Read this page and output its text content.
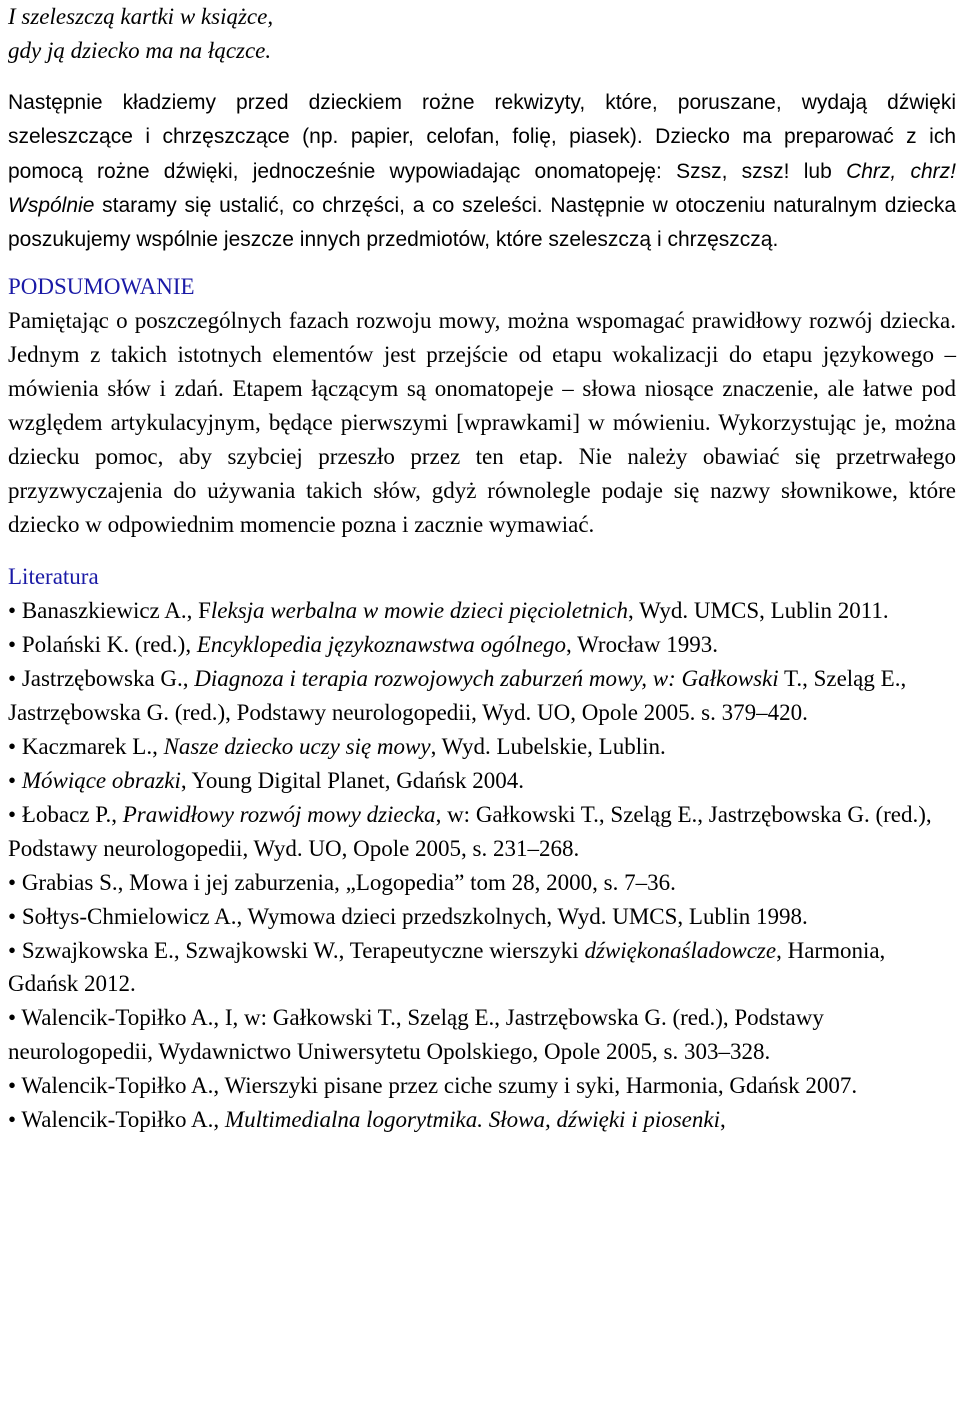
I szeleszczą kartki w książce,
gdy ją dziecko ma na łączce.

Następnie kładziemy przed dzieckiem rożne rekwizyty, które, poruszane, wydają dźwięki szeleszczące i chrzęszczące (np. papier, celofan, folię, piasek). Dziecko ma preparować z ich pomocą rożne dźwięki, jednocześnie wypowiadając onomatopeję: Szsz, szsz! lub Chrz, chrz! Wspólnie staramy się ustalić, co chrzęści, a co szeleści. Następnie w otoczeniu naturalnym dziecka poszukujemy wspólnie jeszcze innych przedmiotów, które szeleszczą i chrzęszczą.

PODSUMOWANIE

Pamiętając o poszczególnych fazach rozwoju mowy, można wspomagać prawidłowy rozwój dziecka. Jednym z takich istotnych elementów jest przejście od etapu wokalizacji do etapu językowego – mówienia słów i zdań. Etapem łączącym są onomatopeje – słowa niosące znaczenie, ale łatwe pod względem artykulacyjnym, będące pierwszymi [wprawkami] w mówieniu. Wykorzystując je, można dziecku pomoc, aby szybciej przeszło przez ten etap. Nie należy obawiać się przetrwałego przyzwyczajenia do używania takich słów, gdyż równolegle podaje się nazwy słownikowe, które dziecko w odpowiednim momencie pozna i zacznie wymawiać.

Literatura

• Banaszkiewicz A., Fleksja werbalna w mowie dzieci pięcioletnich, Wyd. UMCS, Lublin 2011.

• Polański K. (red.), Encyklopedia językoznawstwa ogólnego, Wrocław 1993.

• Jastrzębowska G., Diagnoza i terapia rozwojowych zaburzeń mowy, w: Gałkowski T., Szeląg E., Jastrzębowska G. (red.), Podstawy neurologopedii, Wyd. UO, Opole 2005. s. 379–420.

• Kaczmarek L., Nasze dziecko uczy się mowy, Wyd. Lubelskie, Lublin.

• Mówiące obrazki, Young Digital Planet, Gdańsk 2004.

• Łobacz P., Prawidłowy rozwój mowy dziecka, w: Gałkowski T., Szeląg E., Jastrzębowska G. (red.), Podstawy neurologopedii, Wyd. UO, Opole 2005, s. 231–268.

• Grabias S., Mowa i jej zaburzenia, „Logopedia” tom 28, 2000, s. 7–36.

• Sołtys-Chmielowicz A., Wymowa dzieci przedszkolnych, Wyd. UMCS, Lublin 1998.

• Szwajkowska E., Szwajkowski W., Terapeutyczne wierszyki dźwiękonaśladowcze, Harmonia, Gdańsk 2012.

• Walencik-Topiłko A., I, w: Gałkowski T., Szeląg E., Jastrzębowska G. (red.), Podstawy neurologopedii, Wydawnictwo Uniwersytetu Opolskiego, Opole 2005, s. 303–328.

• Walencik-Topiłko A., Wierszyki pisane przez ciche szumy i syki, Harmonia, Gdańsk 2007.

• Walencik-Topiłko A., Multimedialna logorytmika. Słowa, dźwięki i piosenki,
